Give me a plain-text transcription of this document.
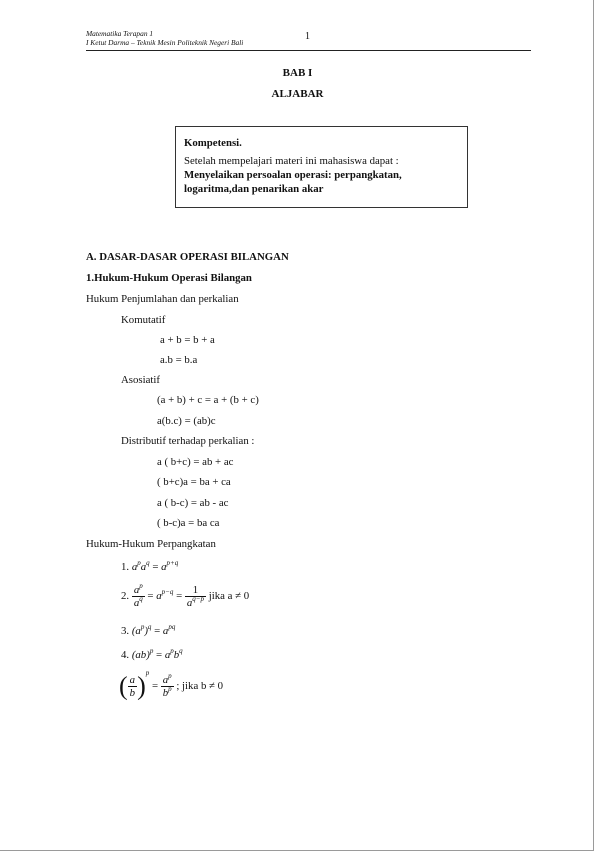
Matematika Terapan 1
I Ketut Darma – Teknik Mesin Politeknik Negeri Bali
1
BAB I
ALJABAR
Kompetensi.
Setelah mempelajari materi ini mahasiswa dapat :
Menyelaikan persoalan operasi: perpangkatan,
logaritma,dan penarikan akar
A. DASAR-DASAR OPERASI BILANGAN
1.Hukum-Hukum Operasi Bilangan
Hukum Penjumlahan dan perkalian
Komutatif
a + b = b + a
a.b = b.a
Asosiatif
(a + b) + c = a + (b + c)
a(b.c) = (ab)c
Distributif terhadap perkalian :
a ( b+c) = ab + ac
( b+c)a = ba + ca
a ( b-c) = ab - ac
( b-c)a = ba ca
Hukum-Hukum Perpangkatan
1. $a^pa^q = a^{p+q}$
2. $\frac{a^p}{a^q} = a^{p-q} = \frac{1}{a^{q-p}}$ jika a ≠ 0
3. $(a^p)^q = a^{pq}$
4. $(ab)^p = a^pb^q$
( $\frac{a}{b} )^p = \frac{a^p}{b^p}$ ; jika b ≠ 0
